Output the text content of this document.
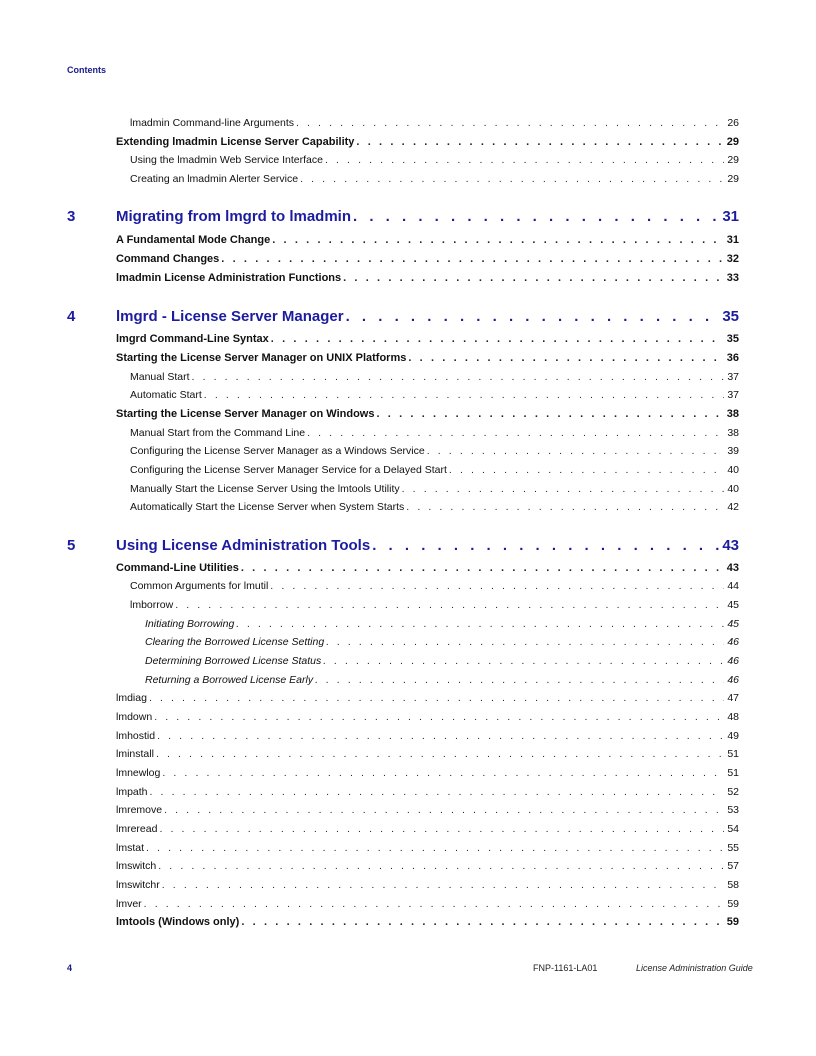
Contents
lmadmin Command-line Arguments . . .	26
Extending lmadmin License Server Capability . . .	29
Using the lmadmin Web Service Interface . . .	29
Creating an lmadmin Alerter Service . . .	29
3	Migrating from lmgrd to lmadmin . . .	31
A Fundamental Mode Change . . .	31
Command Changes . . .	32
lmadmin License Administration Functions . . .	33
4	lmgrd - License Server Manager . . .	35
lmgrd Command-Line Syntax . . .	35
Starting the License Server Manager on UNIX Platforms . . .	36
Manual Start . . .	37
Automatic Start . . .	37
Starting the License Server Manager on Windows . . .	38
Manual Start from the Command Line . . .	38
Configuring the License Server Manager as a Windows Service . . .	39
Configuring the License Server Manager Service for a Delayed Start . . .	40
Manually Start the License Server Using the lmtools Utility . . .	40
Automatically Start the License Server when System Starts . . .	42
5	Using License Administration Tools . . .	43
Command-Line Utilities . . .	43
Common Arguments for lmutil . . .	44
lmborrow . . .	45
Initiating Borrowing . . .	45
Clearing the Borrowed License Setting . . .	46
Determining Borrowed License Status . . .	46
Returning a Borrowed License Early . . .	46
lmdiag . . .	47
lmdown . . .	48
lmhostid . . .	49
lminstall . . .	51
lmnewlog . . .	51
lmpath . . .	52
lmremove . . .	53
lmreread . . .	54
lmstat . . .	55
lmswitch . . .	57
lmswitchr . . .	58
lmver . . .	59
lmtools (Windows only) . . .	59
4	FNP-1161-LA01	License Administration Guide
